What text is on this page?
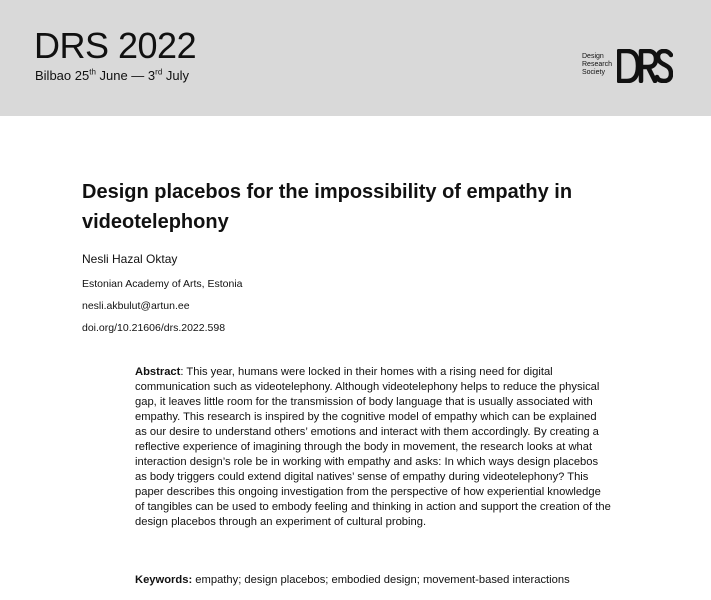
DRS 2022
Bilbao 25th June — 3rd July
Design
Research
Society
Design placebos for the impossibility of empathy in videotelephony
Nesli Hazal Oktay
Estonian Academy of Arts, Estonia
nesli.akbulut@artun.ee
doi.org/10.21606/drs.2022.598
Abstract: This year, humans were locked in their homes with a rising need for digital communication such as videotelephony. Although videotelephony helps to reduce the physical gap, it leaves little room for the transmission of body language that is usually associated with empathy. This research is inspired by the cognitive model of empathy which can be explained as our desire to understand others’ emotions and interact with them accordingly. By creating a reflective experience of imagining through the body in movement, the research looks at what interaction design’s role be in working with empathy and asks: In which ways design placebos as body triggers could extend digital natives’ sense of empathy during videotelephony? This paper describes this ongoing investigation from the perspective of how experiential knowledge of tangibles can be used to embody feeling and thinking in action and support the creation of the design placebos through an experiment of cultural probing.
Keywords: empathy; design placebos; embodied design; movement-based interactions
